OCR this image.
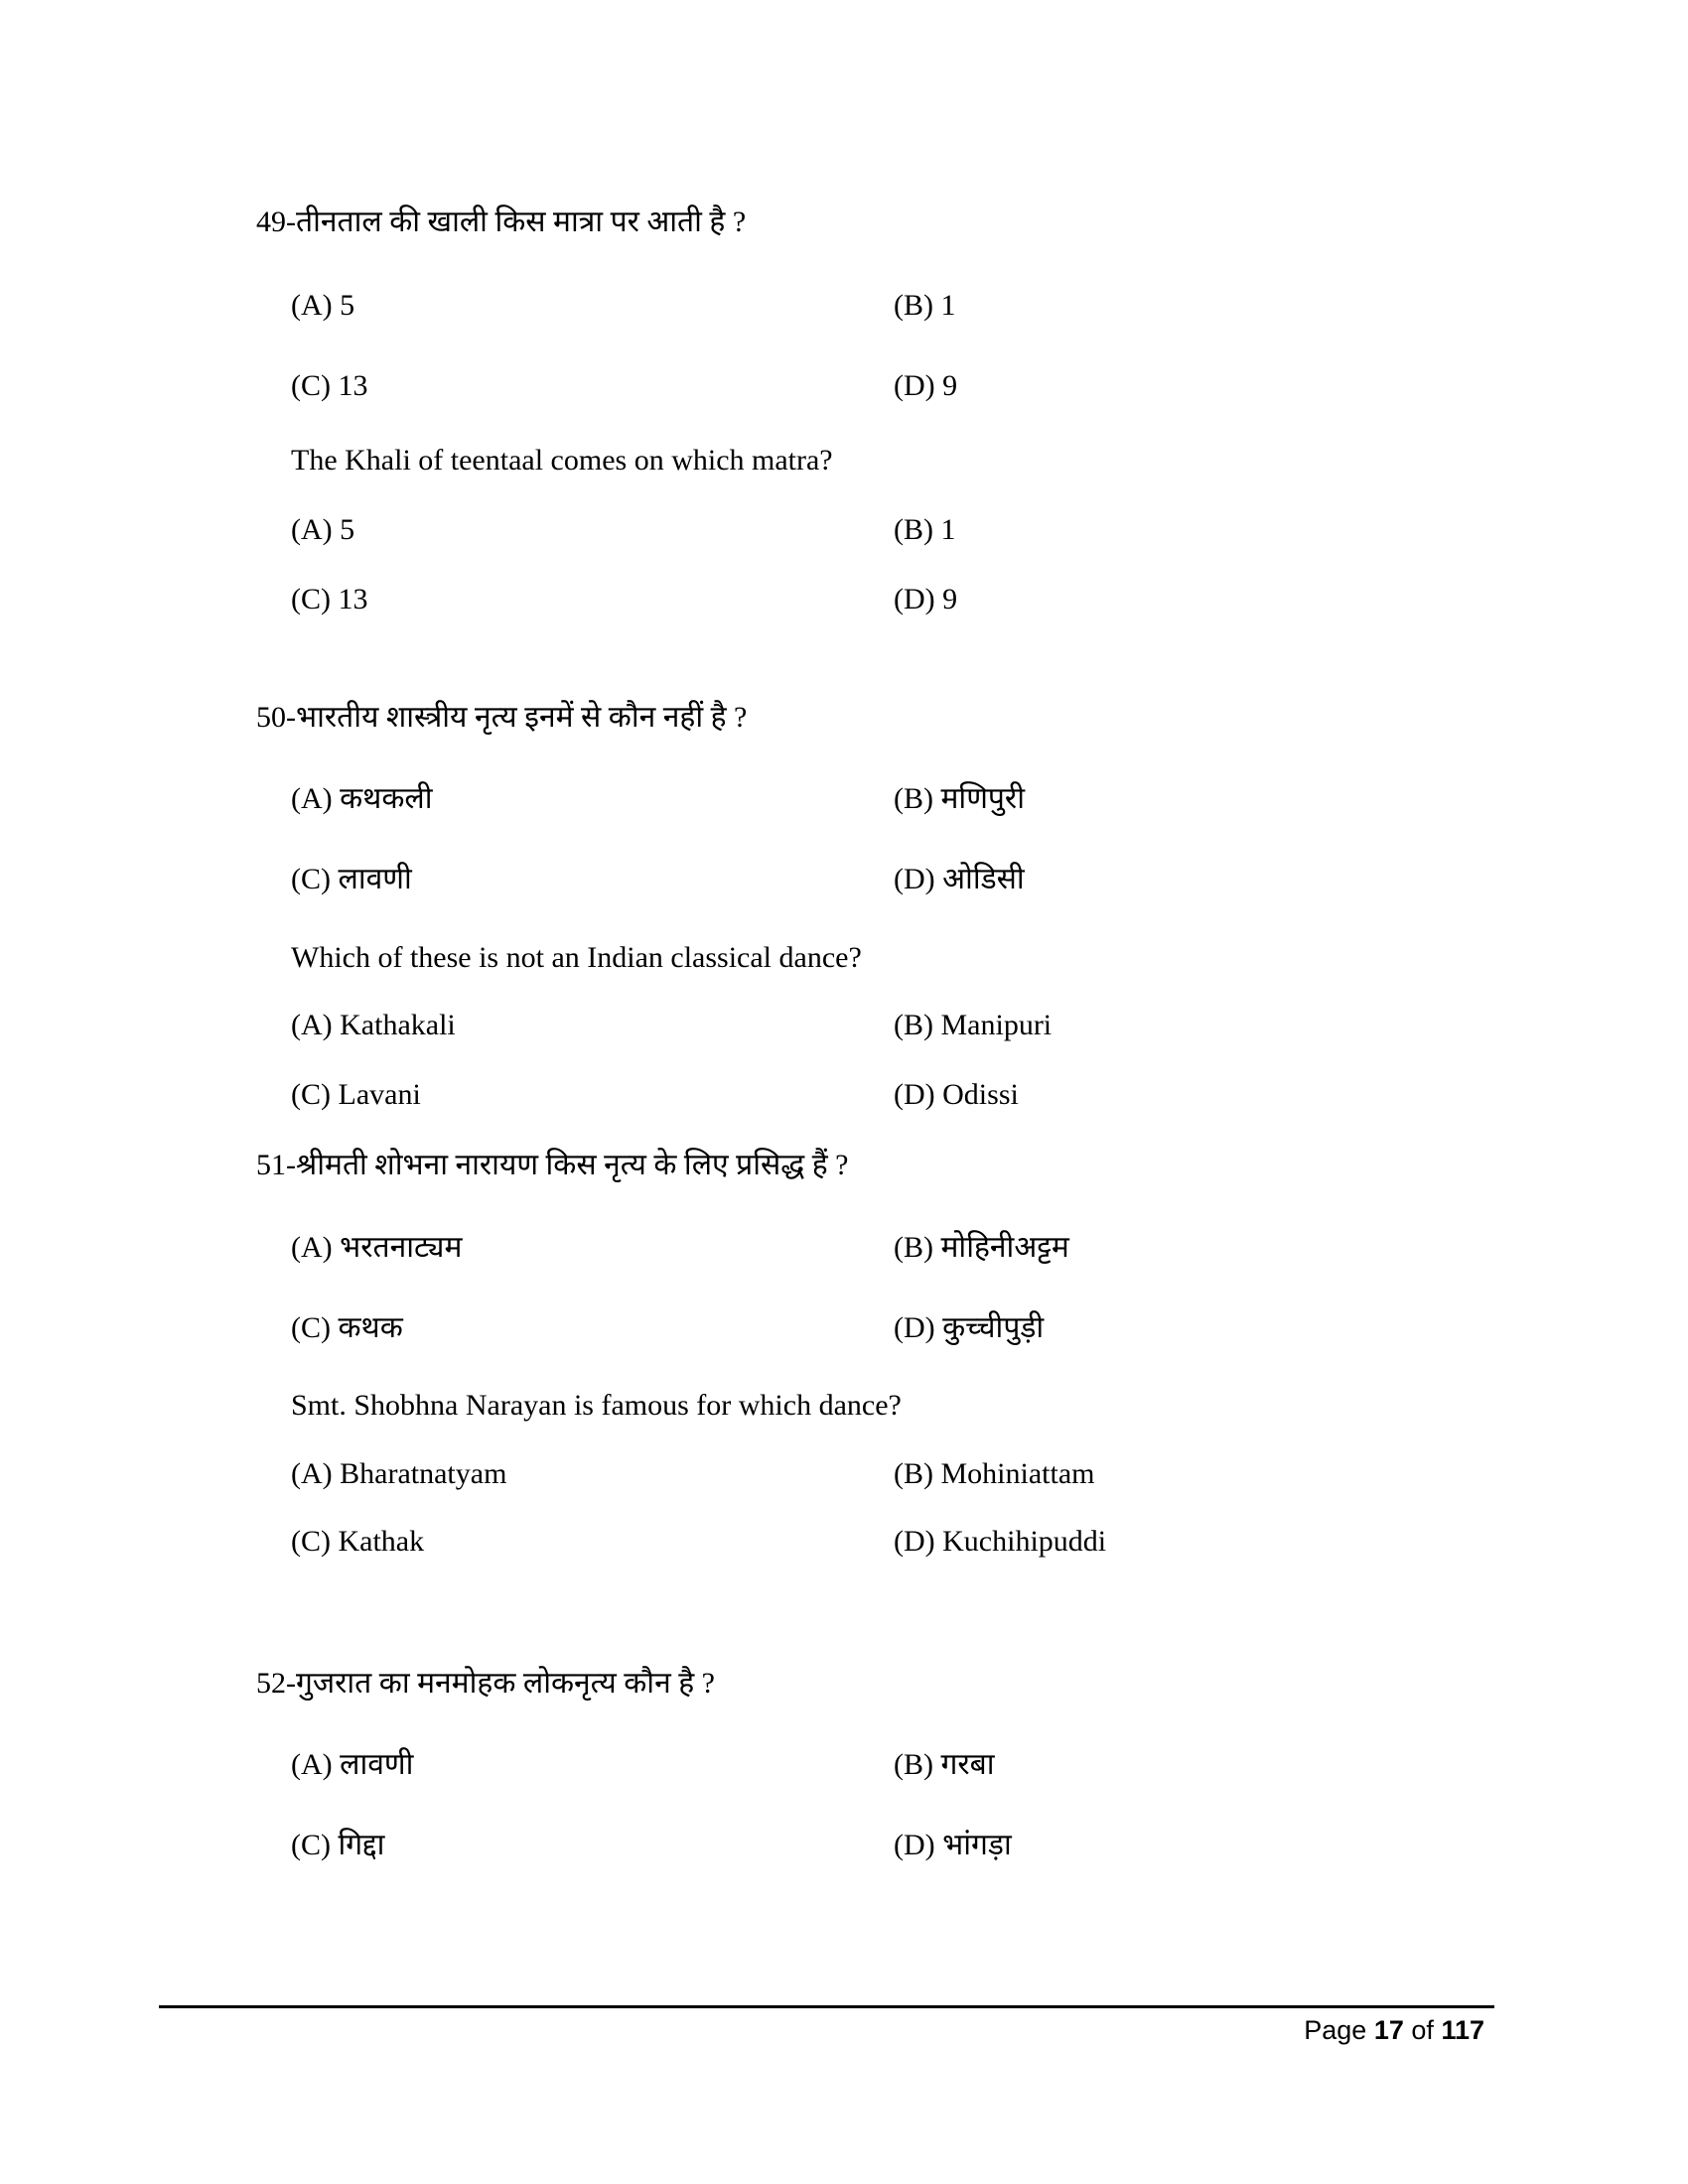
49-तीनताल की खाली किस मात्रा पर आती है ?
(A) 5	(B) 1
(C) 13	(D) 9
The Khali of teentaal comes on which matra?
(A) 5	(B) 1
(C) 13	(D) 9
50-भारतीय शास्त्रीय नृत्य इनमें से कौन नहीं है ?
(A) कथकली	(B) मणिपुरी
(C) लावणी	(D) ओडिसी
Which of these is not an Indian classical dance?
(A) Kathakali	(B) Manipuri
(C) Lavani	(D) Odissi
51-श्रीमती शोभना नारायण किस नृत्य के लिए प्रसिद्ध हैं ?
(A) भरतनाट्यम	(B) मोहिनीअट्टम
(C) कथक	(D) कुच्चीपुड़ी
Smt. Shobhna Narayan is famous for which dance?
(A) Bharatnatyam	(B) Mohiniattam
(C) Kathak	(D) Kuchihipuddi
52-गुजरात का मनमोहक लोकनृत्य कौन है ?
(A) लावणी	(B) गरबा
(C) गिद्दा	(D) भांगड़ा
Page 17 of 117
